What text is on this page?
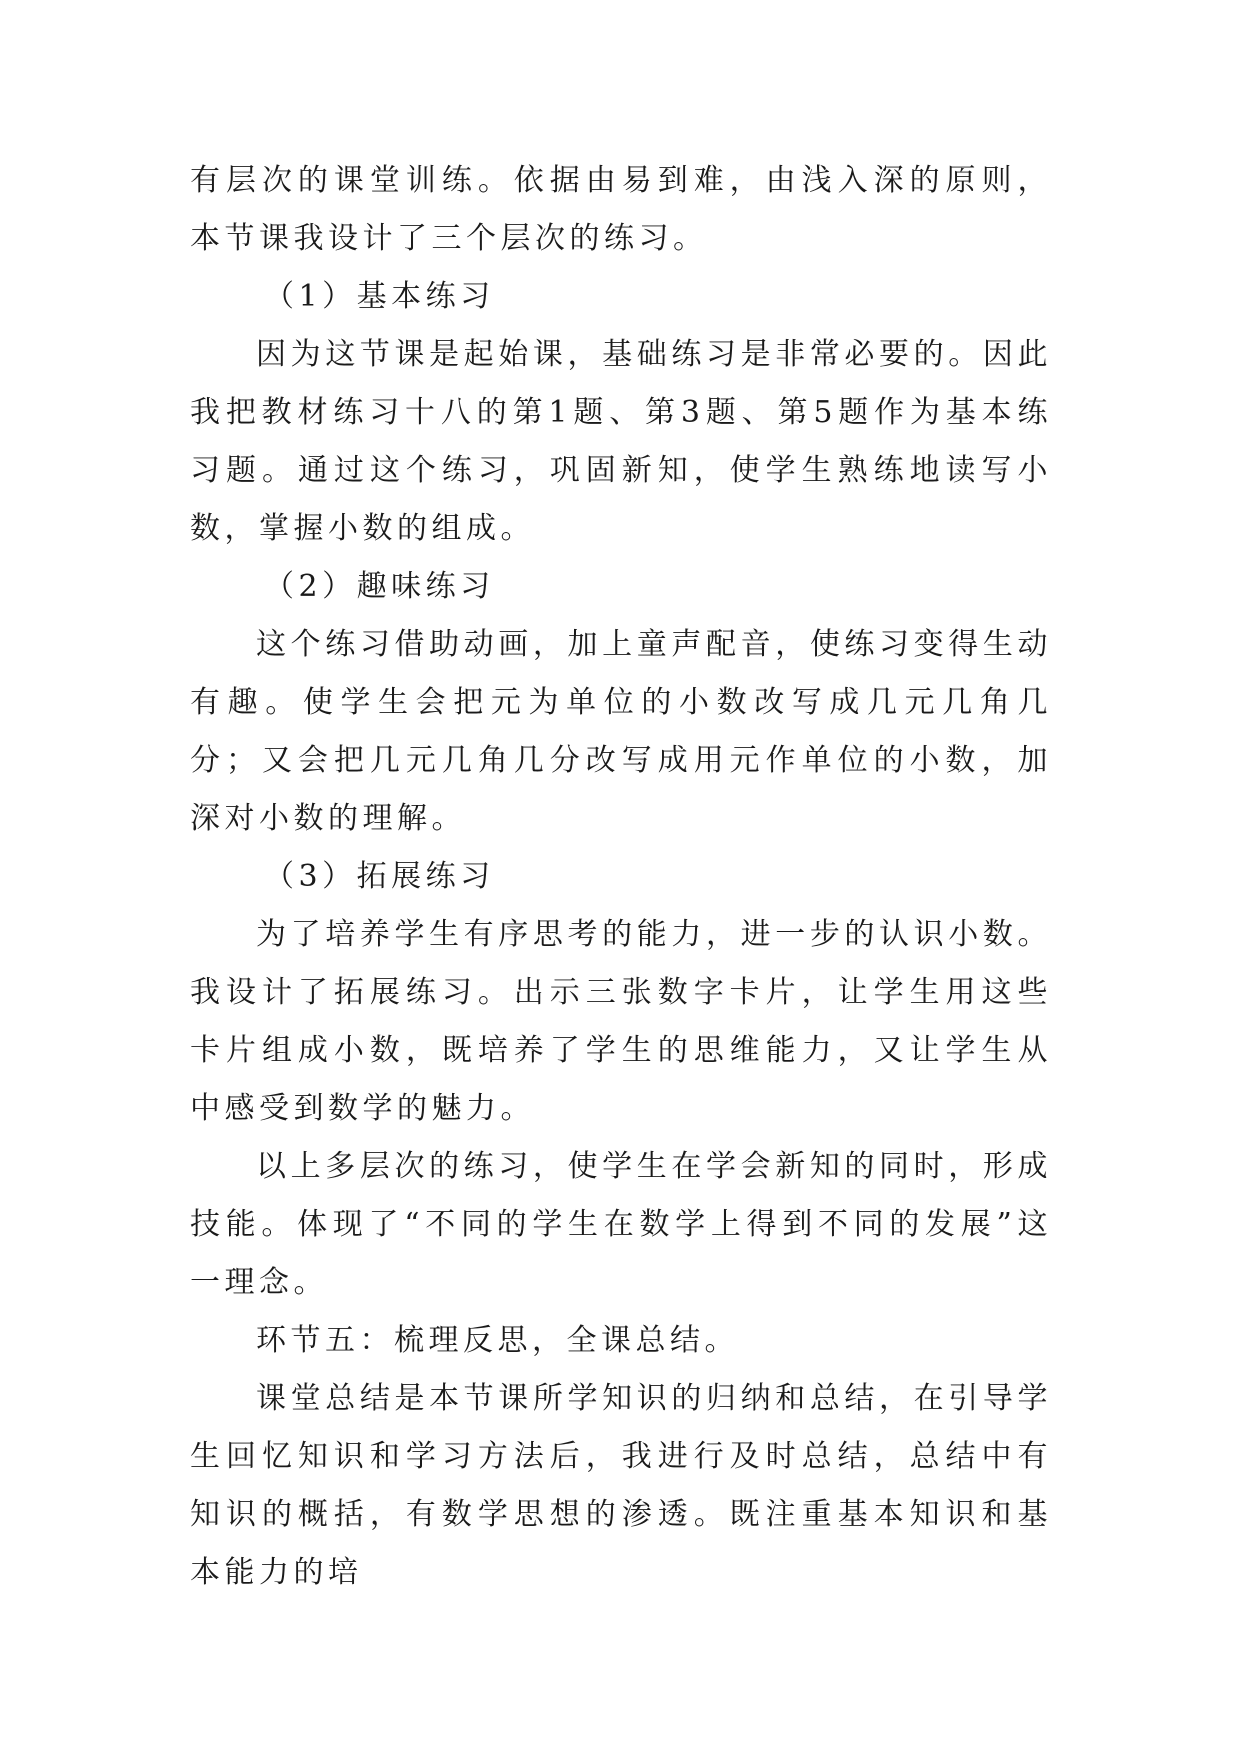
有层次的课堂训练。依据由易到难，由浅入深的原则，本节课我设计了三个层次的练习。

（1）基本练习

因为这节课是起始课，基础练习是非常必要的。因此我把教材练习十八的第1题、第3题、第5题作为基本练习题。通过这个练习，巩固新知，使学生熟练地读写小数，掌握小数的组成。

（2）趣味练习

这个练习借助动画，加上童声配音，使练习变得生动有趣。使学生会把元为单位的小数改写成几元几角几分；又会把几元几角几分改写成用元作单位的小数，加深对小数的理解。

（3）拓展练习

为了培养学生有序思考的能力，进一步的认识小数。我设计了拓展练习。出示三张数字卡片，让学生用这些卡片组成小数，既培养了学生的思维能力，又让学生从中感受到数学的魅力。

以上多层次的练习，使学生在学会新知的同时，形成技能。体现了“不同的学生在数学上得到不同的发展”这一理念。

环节五：梳理反思，全课总结。

课堂总结是本节课所学知识的归纳和总结，在引导学生回忆知识和学习方法后，我进行及时总结，总结中有知识的概括，有数学思想的渗透。既注重基本知识和基本能力的培
